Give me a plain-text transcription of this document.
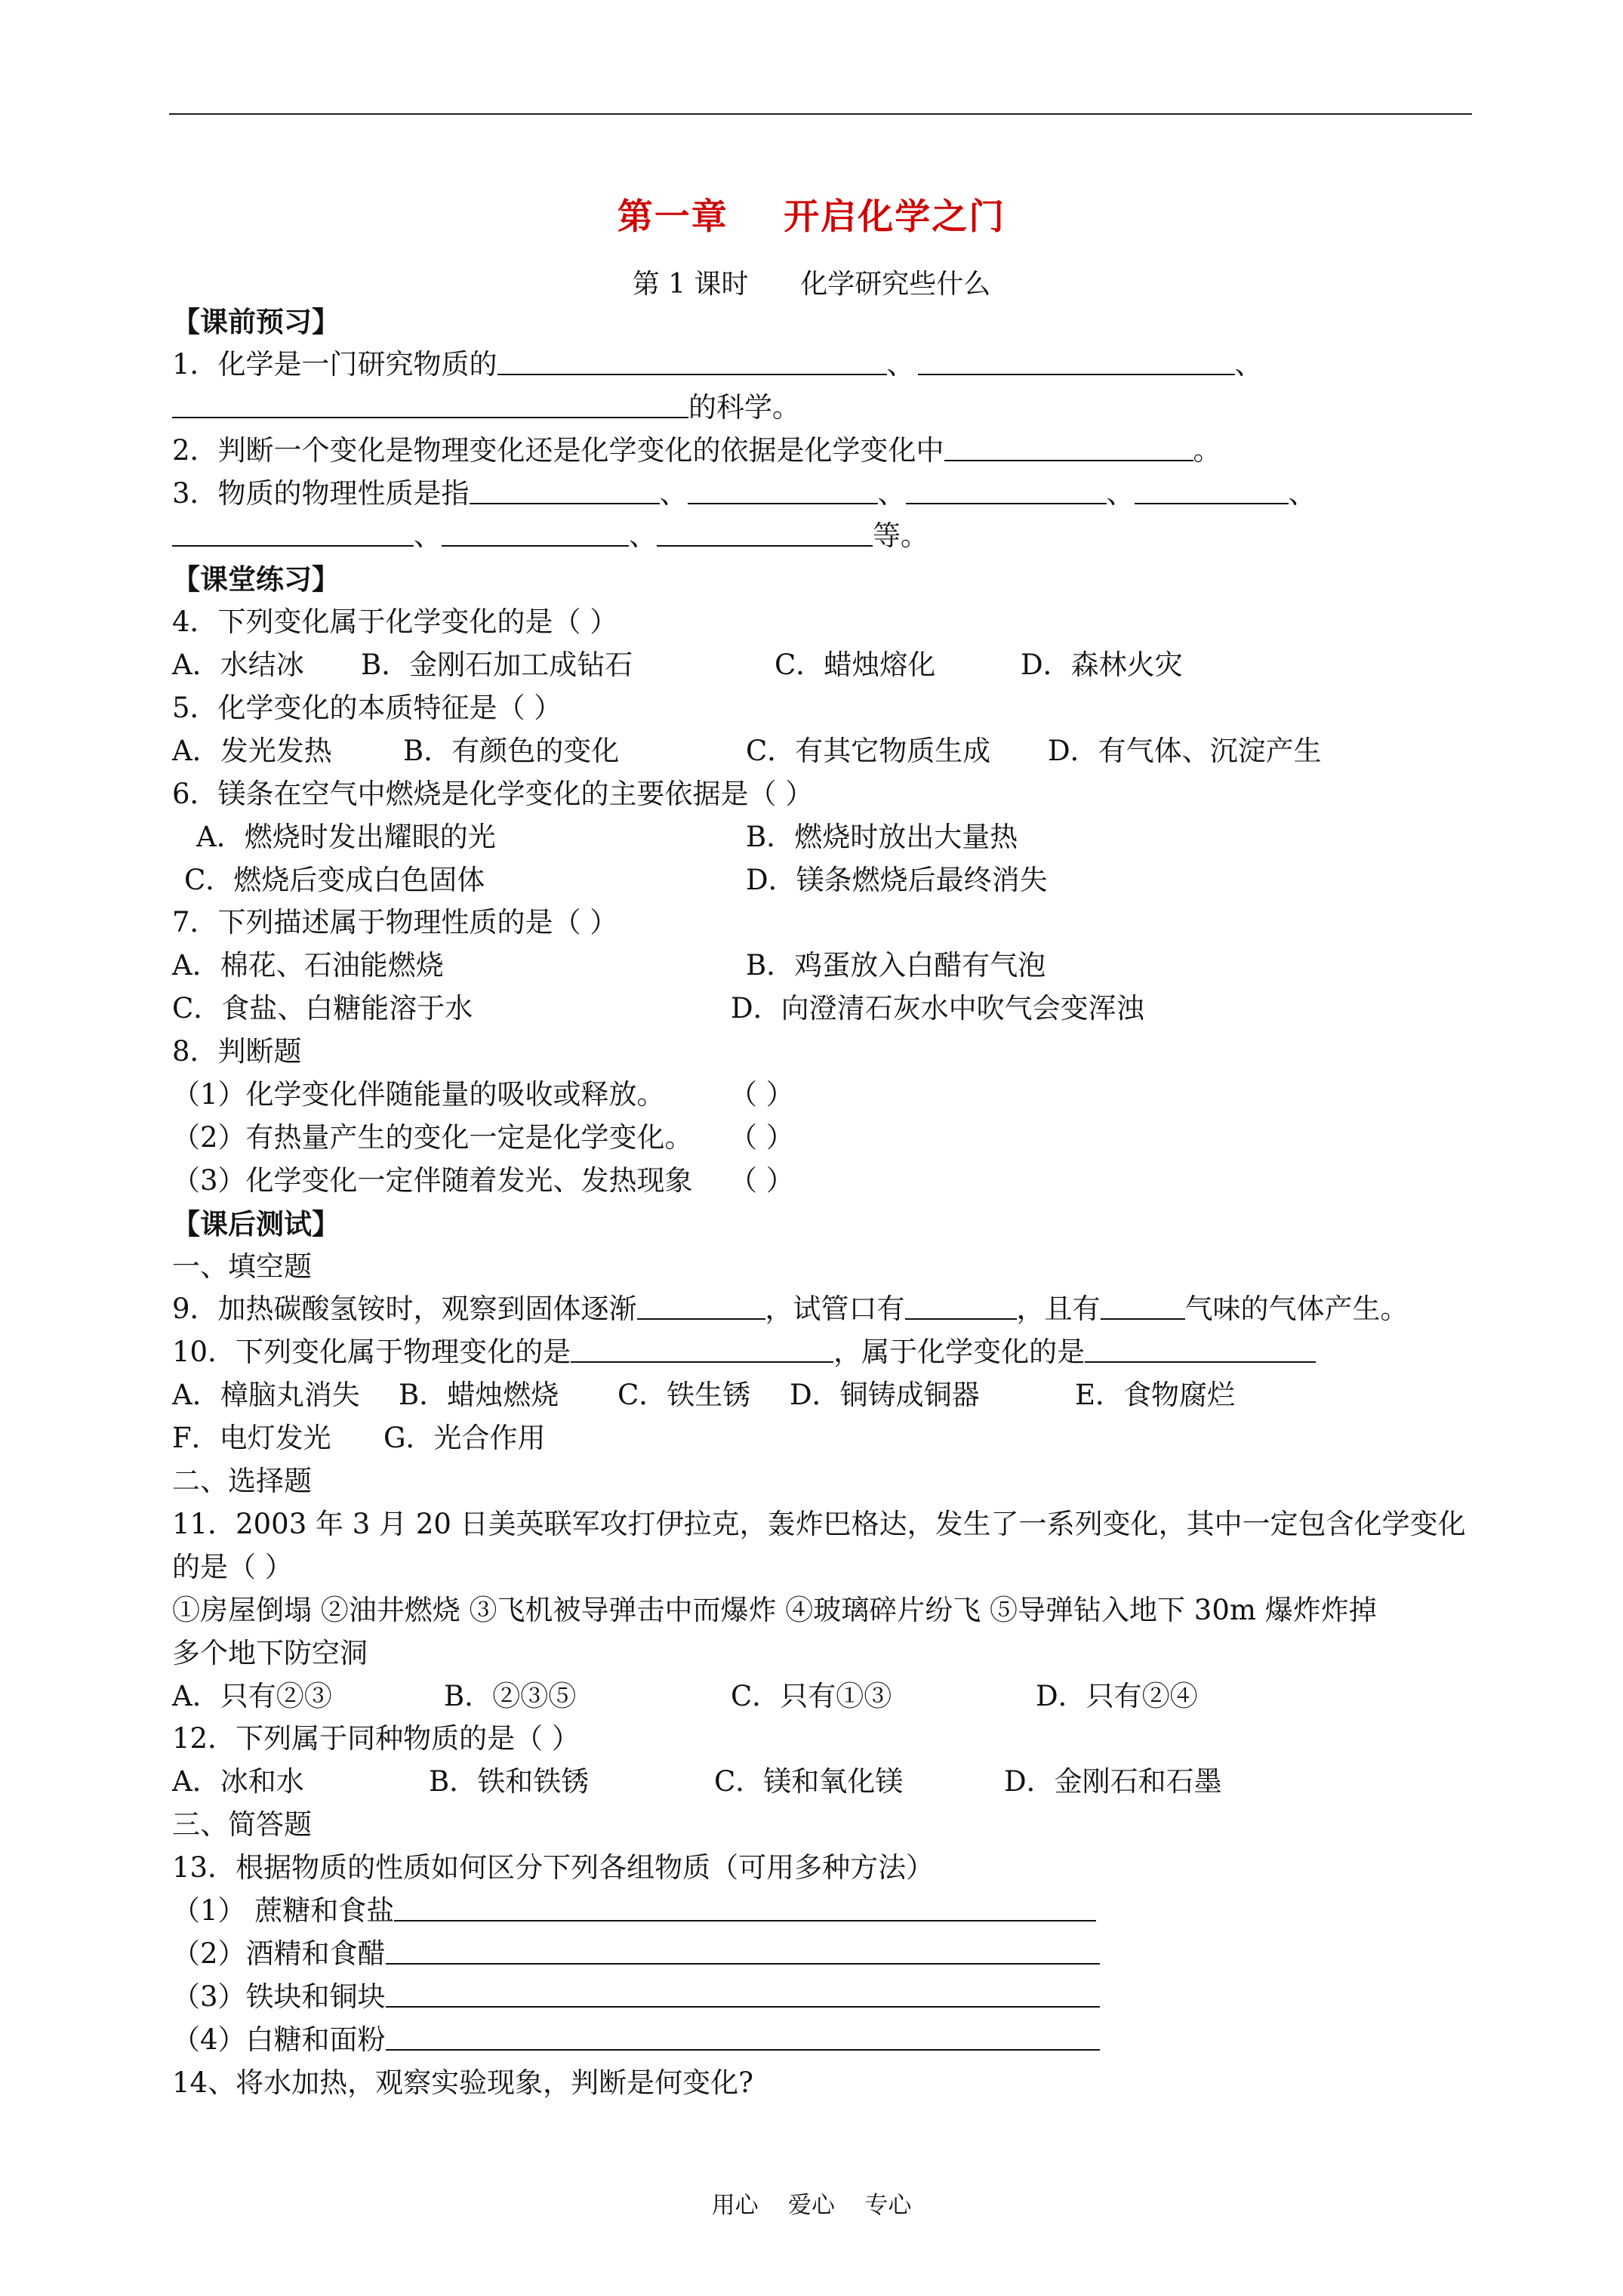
第一章    开启化学之门
第 1 课时      化学研究些什么
【课前预习】
1．化学是一门研究物质的	、	、
的科学。
2．判断一个变化是物理变化还是化学变化的依据是化学变化中	。
3．物质的物理性质是指	、	、	、	、
、	、	等。
【课堂练习】
4．下列变化属于化学变化的是（ ）
A．水结冰 B．金刚石加工成钻石	C．蜡烛熔化	D．森林火灾
5．化学变化的本质特征是（ ）
A．发光发热	B．有颜色的变化	C．有其它物质生成 D．有气体、沉淀产生
6．镁条在空气中燃烧是化学变化的主要依据是（ ）
A．燃烧时发出耀眼的光	B．燃烧时放出大量热
C．燃烧后变成白色固体	D．镁条燃烧后最终消失
7．下列描述属于物理性质的是（ ）
A．棉花、石油能燃烧	B．鸡蛋放入白醋有气泡
C．食盐、白糖能溶于水	D．向澄清石灰水中吹气会变浑浊
8．判断题
（1）化学变化伴随能量的吸收或释放。 （ ）
（2）有热量产生的变化一定是化学变化。 （ ）
（3）化学变化一定伴随着发光、发热现象 （ ）
【课后测试】
一、填空题
9．加热碳酸氢铵时，观察到固体逐渐	，试管口有	，且有	气味的气体产生。
10．下列变化属于物理变化的是	，属于化学变化的是
A．樟脑丸消失 B．蜡烛燃烧 C．铁生锈 D．铜铸成铜器	E．食物腐烂
F．电灯发光 G．光合作用
二、选择题
11．2003 年 3 月 20 日美英联军攻打伊拉克，轰炸巴格达，发生了一系列变化，其中一定包含化学变化
的是（ ）
①房屋倒塌 ②油井燃烧 ③飞机被导弹击中而爆炸 ④玻璃碎片纷飞 ⑤导弹钻入地下 30m 爆炸炸掉
多个地下防空洞
A．只有②③	B．②③⑤	C．只有①③	D．只有②④
12．下列属于同种物质的是（ ）
A．冰和水	B．铁和铁锈	C．镁和氧化镁	D．金刚石和石墨
三、简答题
13．根据物质的性质如何区分下列各组物质（可用多种方法）
（1） 蔗糖和食盐
（2）酒精和食醋
（3）铁块和铜块
（4）白糖和面粉
14、将水加热，观察实验现象，判断是何变化?
用心    爱心    专心
